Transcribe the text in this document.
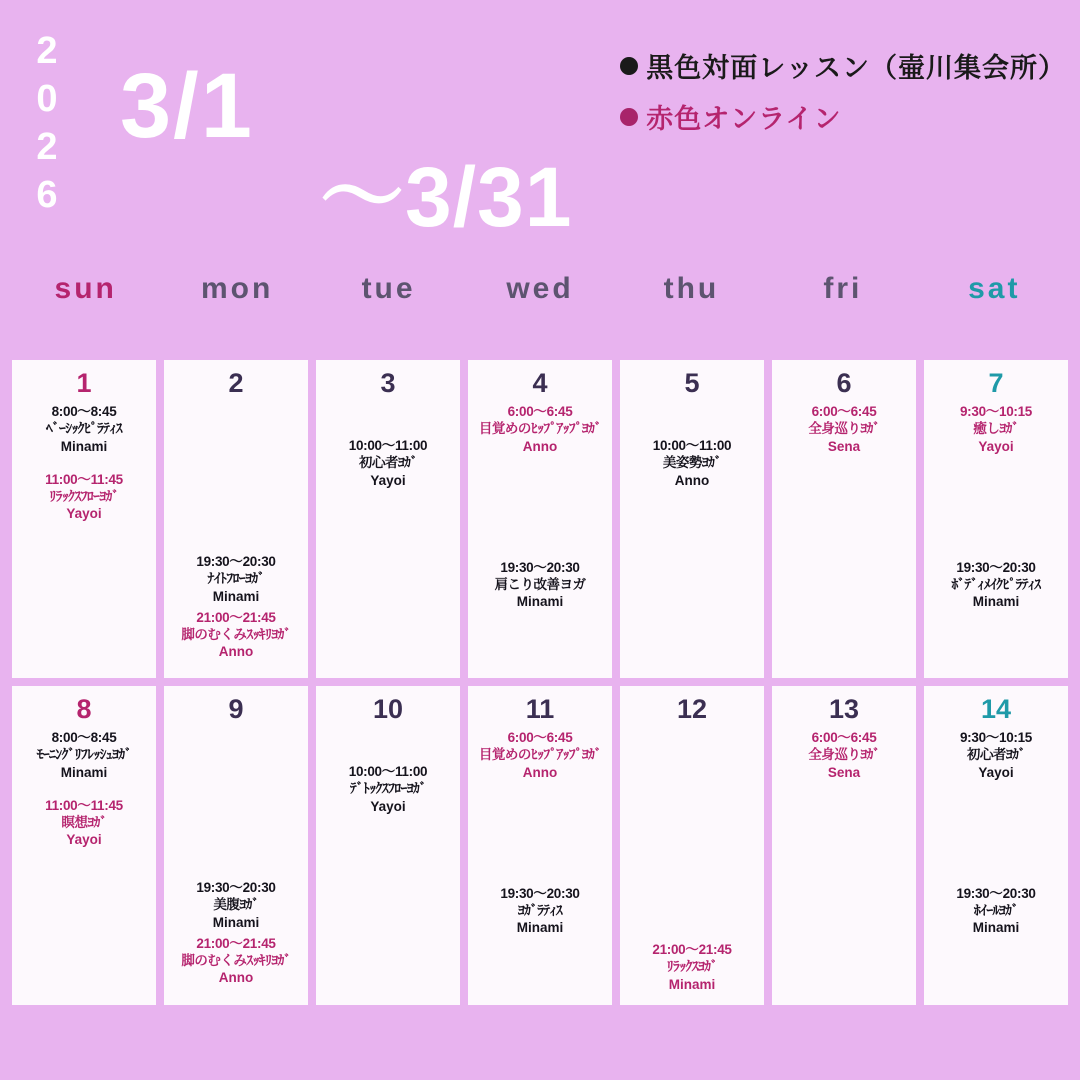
2026 3/1
〜3/31
黒色対面レッスン（壷川集会所）
赤色オンライン
sun	mon	tue	wed	thu	fri	sat
1
8:00〜8:45
ﾍﾞｰｼｯｸﾋﾟﾗﾃｨｽ
Minami
11:00〜11:45
ﾘﾗｯｸｽﾌﾛｰﾖｶﾞ
Yayoi
2
19:30〜20:30
ﾅｲﾄﾌﾛｰﾖｶﾞ
Minami
21:00〜21:45
脚のむくみｽｯｷﾘﾖｶﾞ
Anno
3
10:00〜11:00
初心者ﾖｶﾞ
Yayoi
4
6:00〜6:45
目覚めのﾋｯﾌﾟｱｯﾌﾟﾖｶﾞ
Anno
19:30〜20:30
肩こり改善ヨガ
Minami
5
10:00〜11:00
美姿勢ﾖｶﾞ
Anno
6
6:00〜6:45
全身巡りﾖｶﾞ
Sena
7
9:30〜10:15
癒しﾖｶﾞ
Yayoi
19:30〜20:30
ﾎﾞﾃﾞｨﾒｲｸﾋﾟﾗﾃｨｽ
Minami
8
8:00〜8:45
ﾓｰﾆﾝｸﾞﾘﾌﾚｯｼｭﾖｶﾞ
Minami
11:00〜11:45
瞑想ﾖｶﾞ
Yayoi
9
19:30〜20:30
美腹ﾖｶﾞ
Minami
21:00〜21:45
脚のむくみｽｯｷﾘﾖｶﾞ
Anno
10
10:00〜11:00
ﾃﾞﾄｯｸｽﾌﾛｰﾖｶﾞ
Yayoi
11
6:00〜6:45
目覚めのﾋｯﾌﾟｱｯﾌﾟﾖｶﾞ
Anno
19:30〜20:30
ﾖｶﾞﾗﾃｨｽ
Minami
12
21:00〜21:45
ﾘﾗｯｸｽﾖｶﾞ
Minami
13
6:00〜6:45
全身巡りﾖｶﾞ
Sena
14
9:30〜10:15
初心者ﾖｶﾞ
Yayoi
19:30〜20:30
ﾎｲｰﾙﾖｶﾞ
Minami
